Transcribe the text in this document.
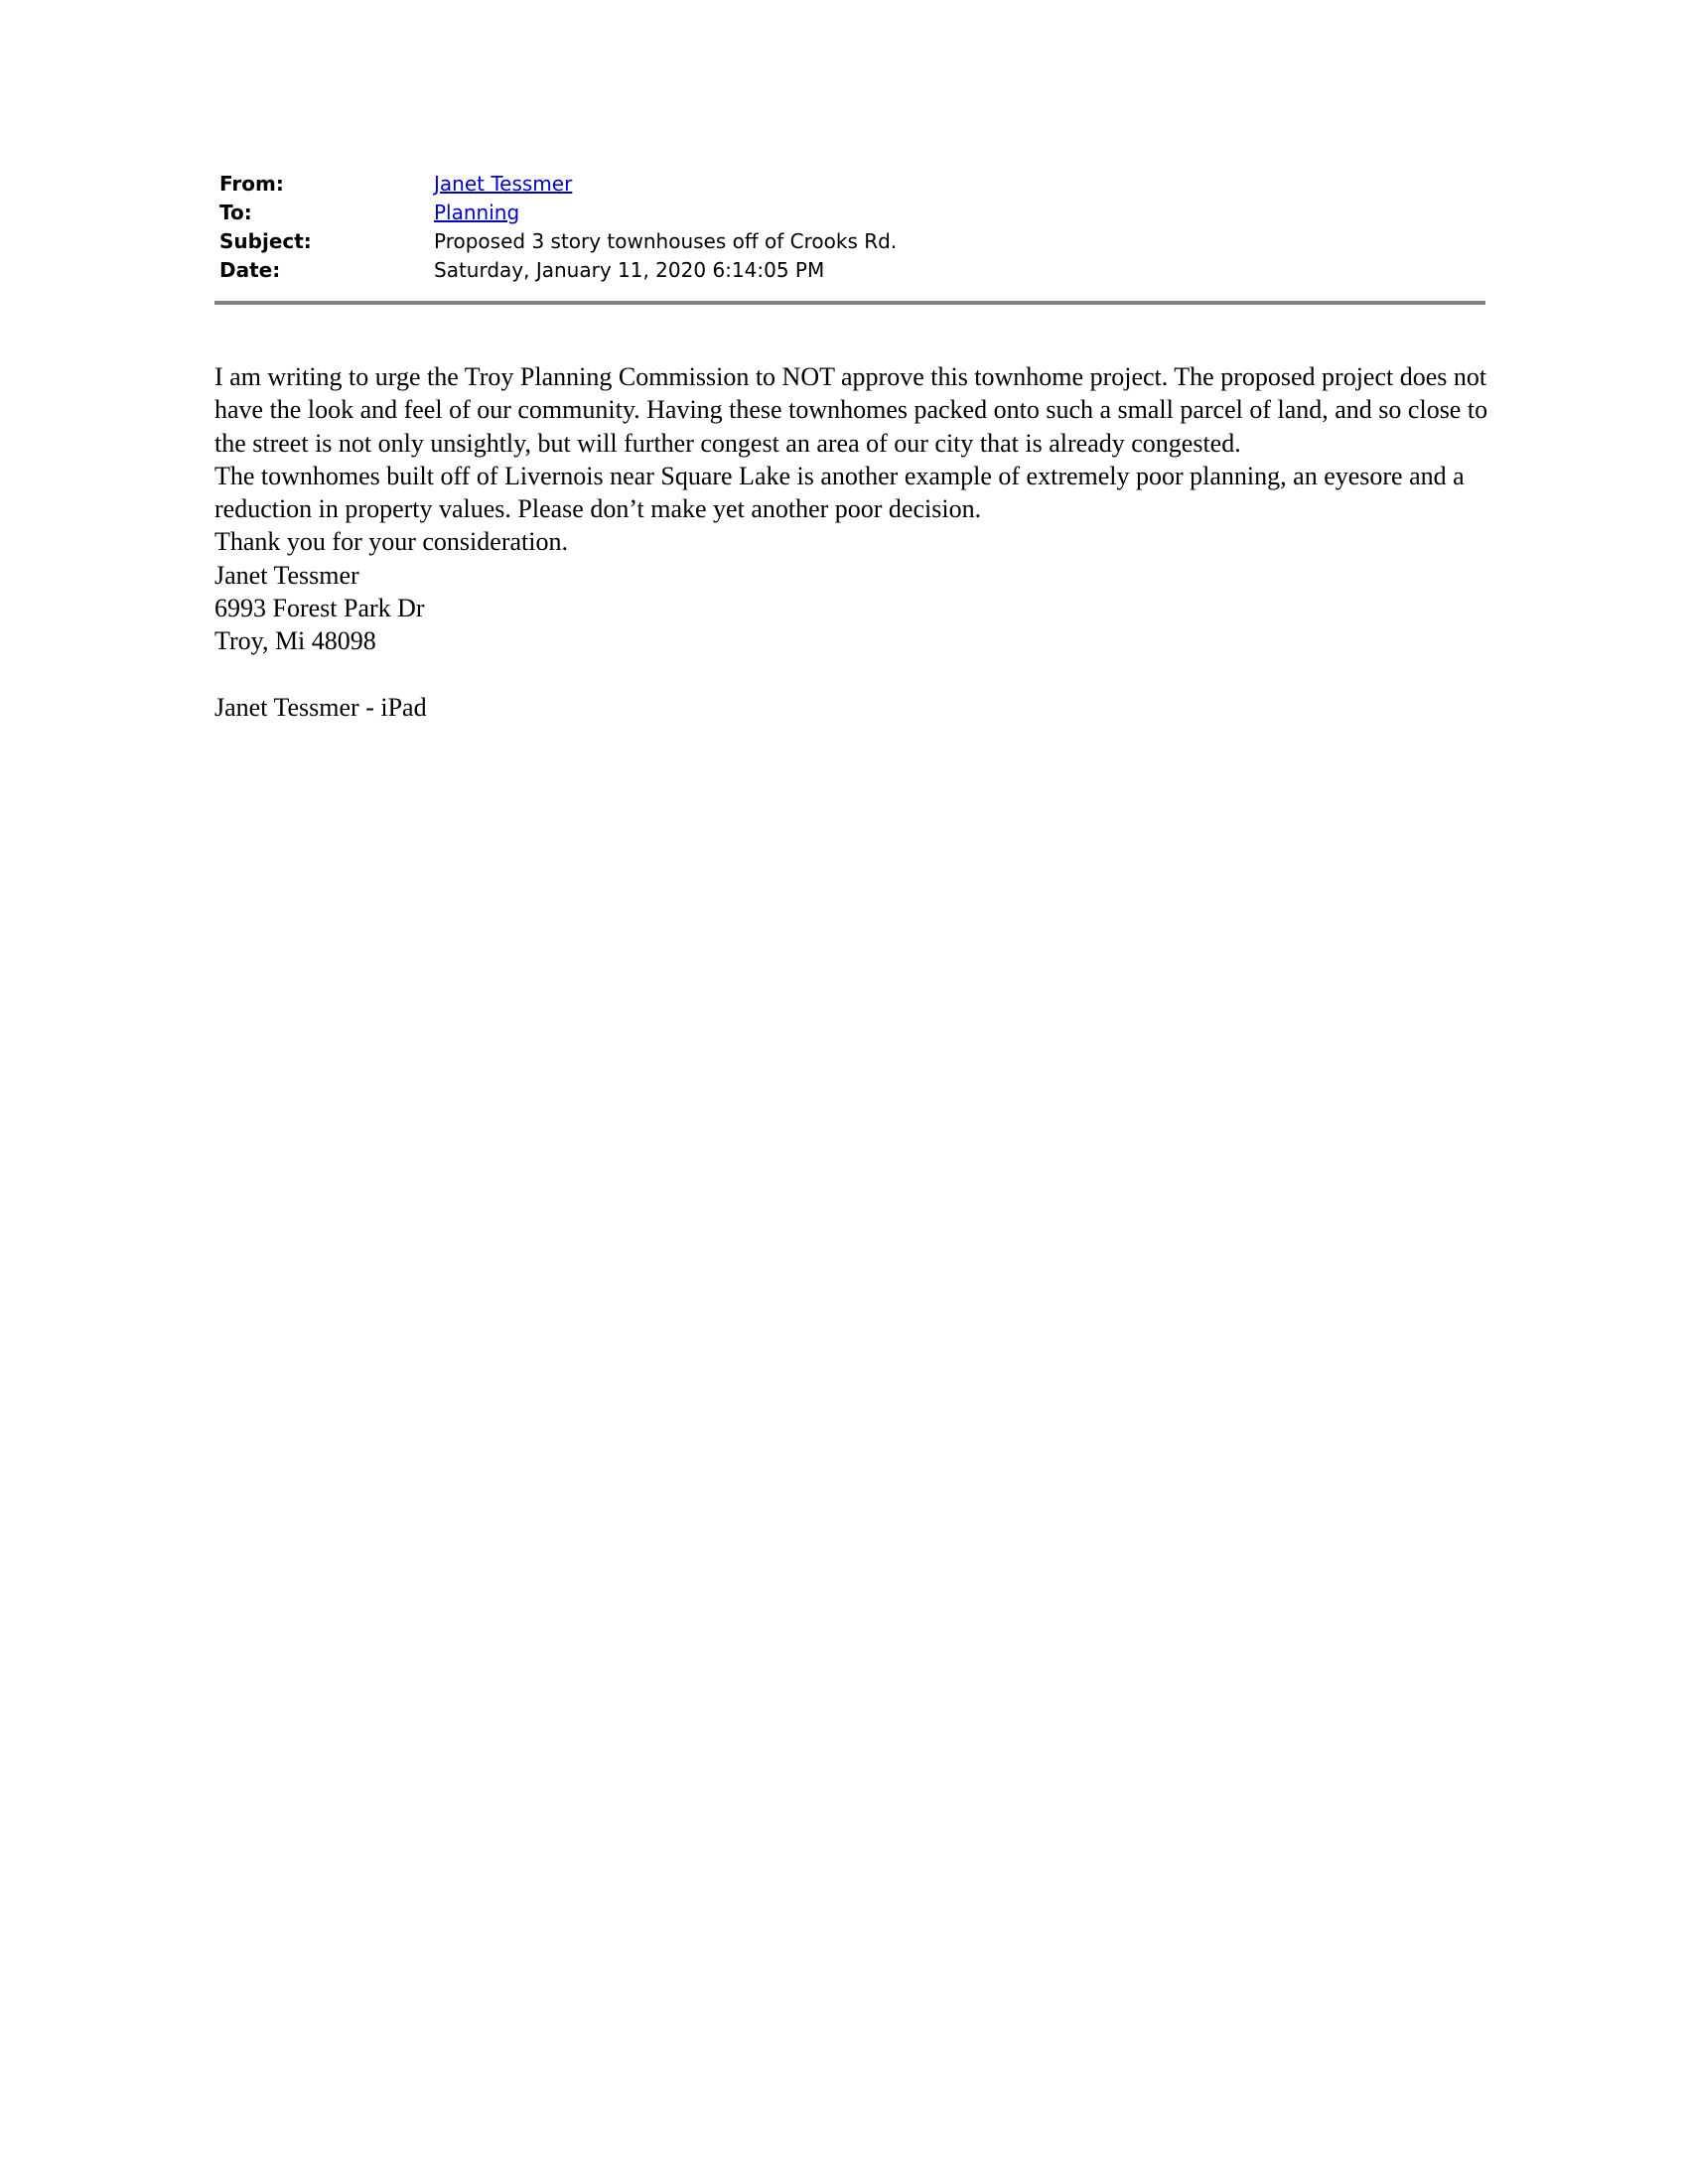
From:	Janet Tessmer
To:	Planning
Subject:	Proposed 3 story townhouses off of Crooks Rd.
Date:	Saturday, January 11, 2020 6:14:05 PM

I am writing to urge the Troy Planning Commission to NOT approve this townhome project. The proposed project does not have the look and feel of our community. Having these townhomes packed onto such a small parcel of land, and so close to the street is not only unsightly, but will further congest an area of our city that is already congested.

The townhomes built off of Livernois near Square Lake is another example of extremely poor planning, an eyesore and a reduction in property values. Please don’t make yet another poor decision.

Thank you for your consideration.

Janet Tessmer

6993 Forest Park Dr

Troy, Mi 48098

Janet Tessmer - iPad
